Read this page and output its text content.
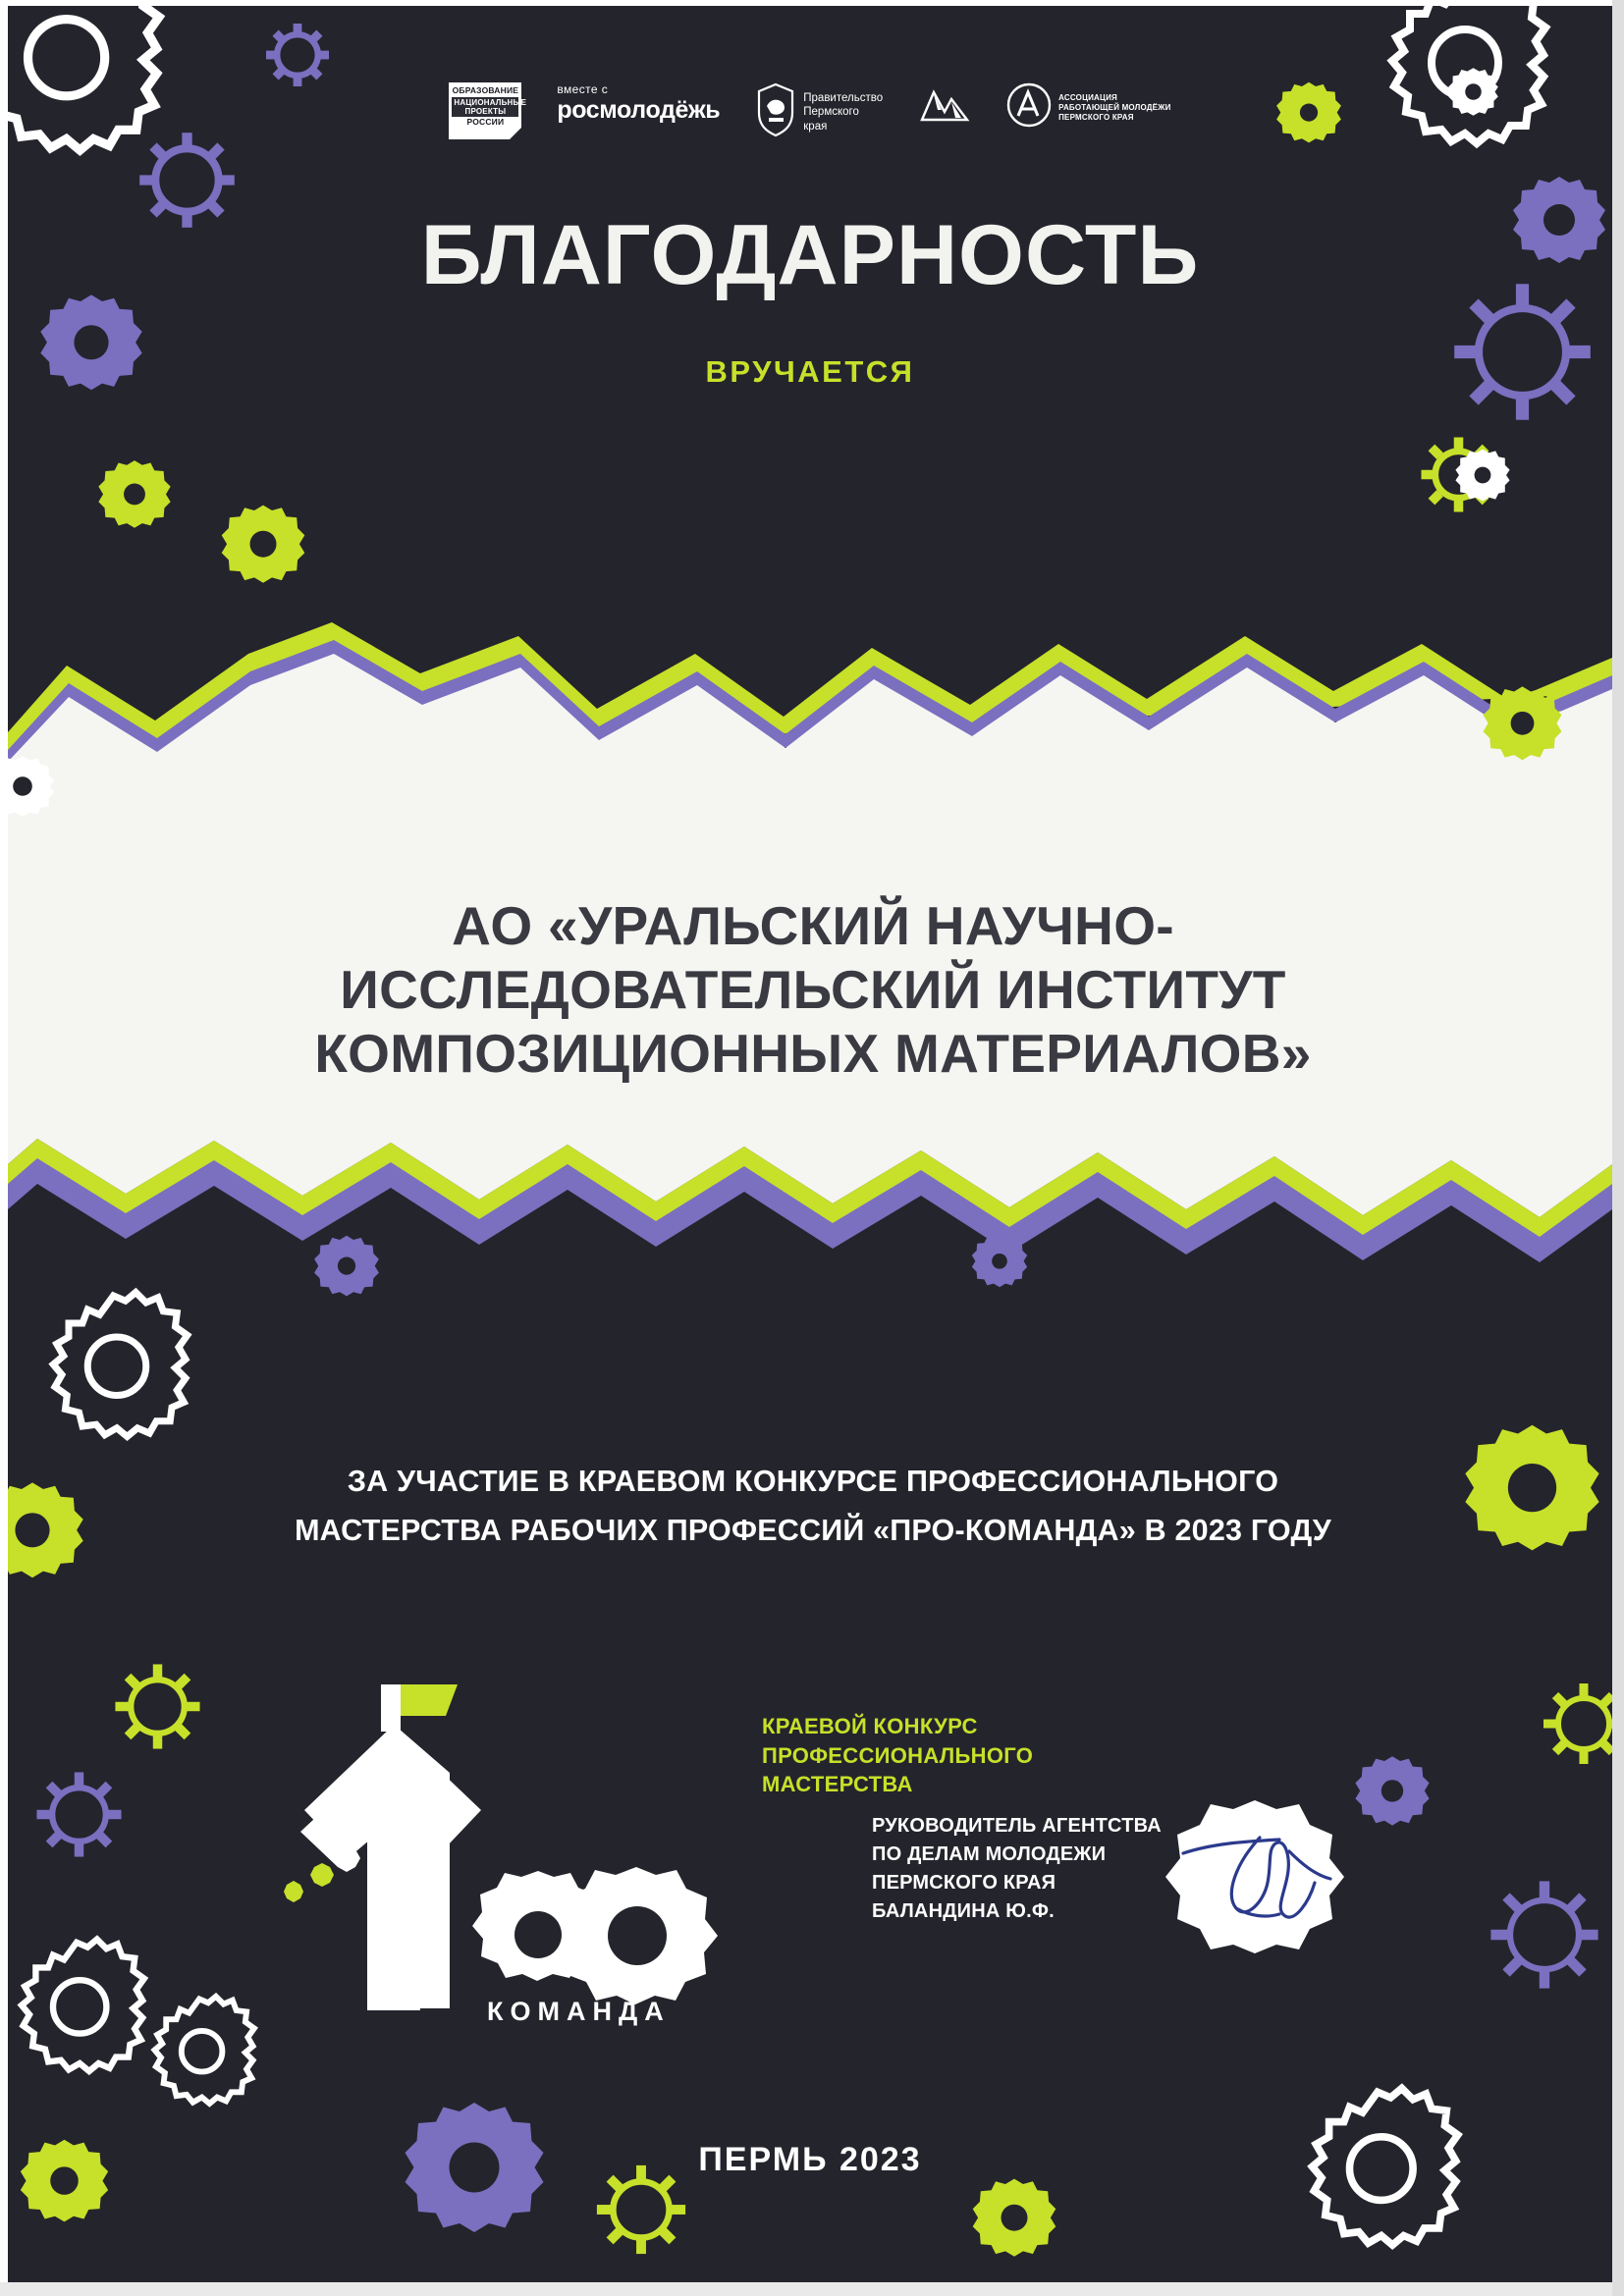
ОБРАЗОВАНИЕ
НАЦИОНАЛЬНЫЕ ПРОЕКТЫ
РОССИИ
вместе с
росмолодёжь	Правительство
Пермского
края
АССОЦИАЦИЯ
РАБОТАЮЩЕЙ МОЛОДЁЖИ
ПЕРМСКОГО КРАЯ
БЛАГОДАРНОСТЬ
ВРУЧАЕТСЯ
АО «УРАЛЬСКИЙ НАУЧНО-ИССЛЕДОВАТЕЛЬСКИЙ ИНСТИТУТ КОМПОЗИЦИОННЫХ МАТЕРИАЛОВ»
ЗА УЧАСТИЕ В КРАЕВОМ КОНКУРСЕ ПРОФЕССИОНАЛЬНОГО
МАСТЕРСТВА РАБОЧИХ ПРОФЕССИЙ «ПРО-КОМАНДА» В 2023 ГОДУ
КОМАНДА
КРАЕВОЙ КОНКУРС
ПРОФЕССИОНАЛЬНОГО
МАСТЕРСТВА
РУКОВОДИТЕЛЬ АГЕНТСТВА
ПО ДЕЛАМ МОЛОДЕЖИ
ПЕРМСКОГО КРАЯ
БАЛАНДИНА Ю.Ф.
ПЕРМЬ 2023
